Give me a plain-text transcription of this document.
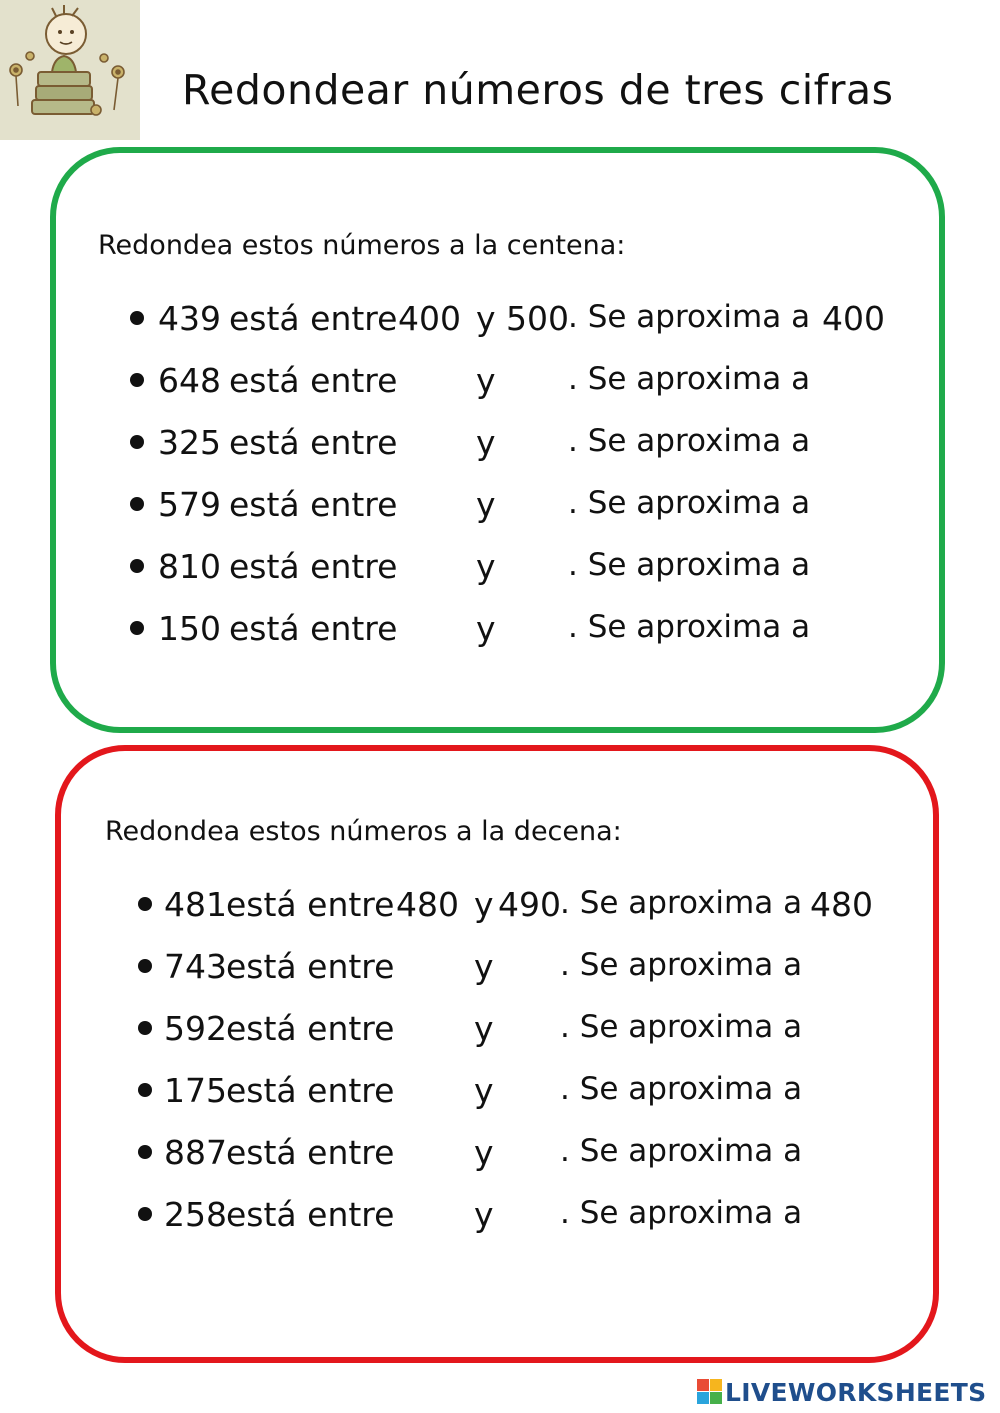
Redondear números de tres cifras
Redondea estos números a la centena:
439 está entre 400 y 500 . Se aproxima a 400
648 está entre y . Se aproxima a
325 está entre y . Se aproxima a
579 está entre y . Se aproxima a
810 está entre y . Se aproxima a
150 está entre y . Se aproxima a
Redondea estos números a la decena:
481 está entre 480 y 490 . Se aproxima a 480
743 está entre y . Se aproxima a
592 está entre y . Se aproxima a
175 está entre y . Se aproxima a
887 está entre y . Se aproxima a
258 está entre y . Se aproxima a
LIVEWORKSHEETS
